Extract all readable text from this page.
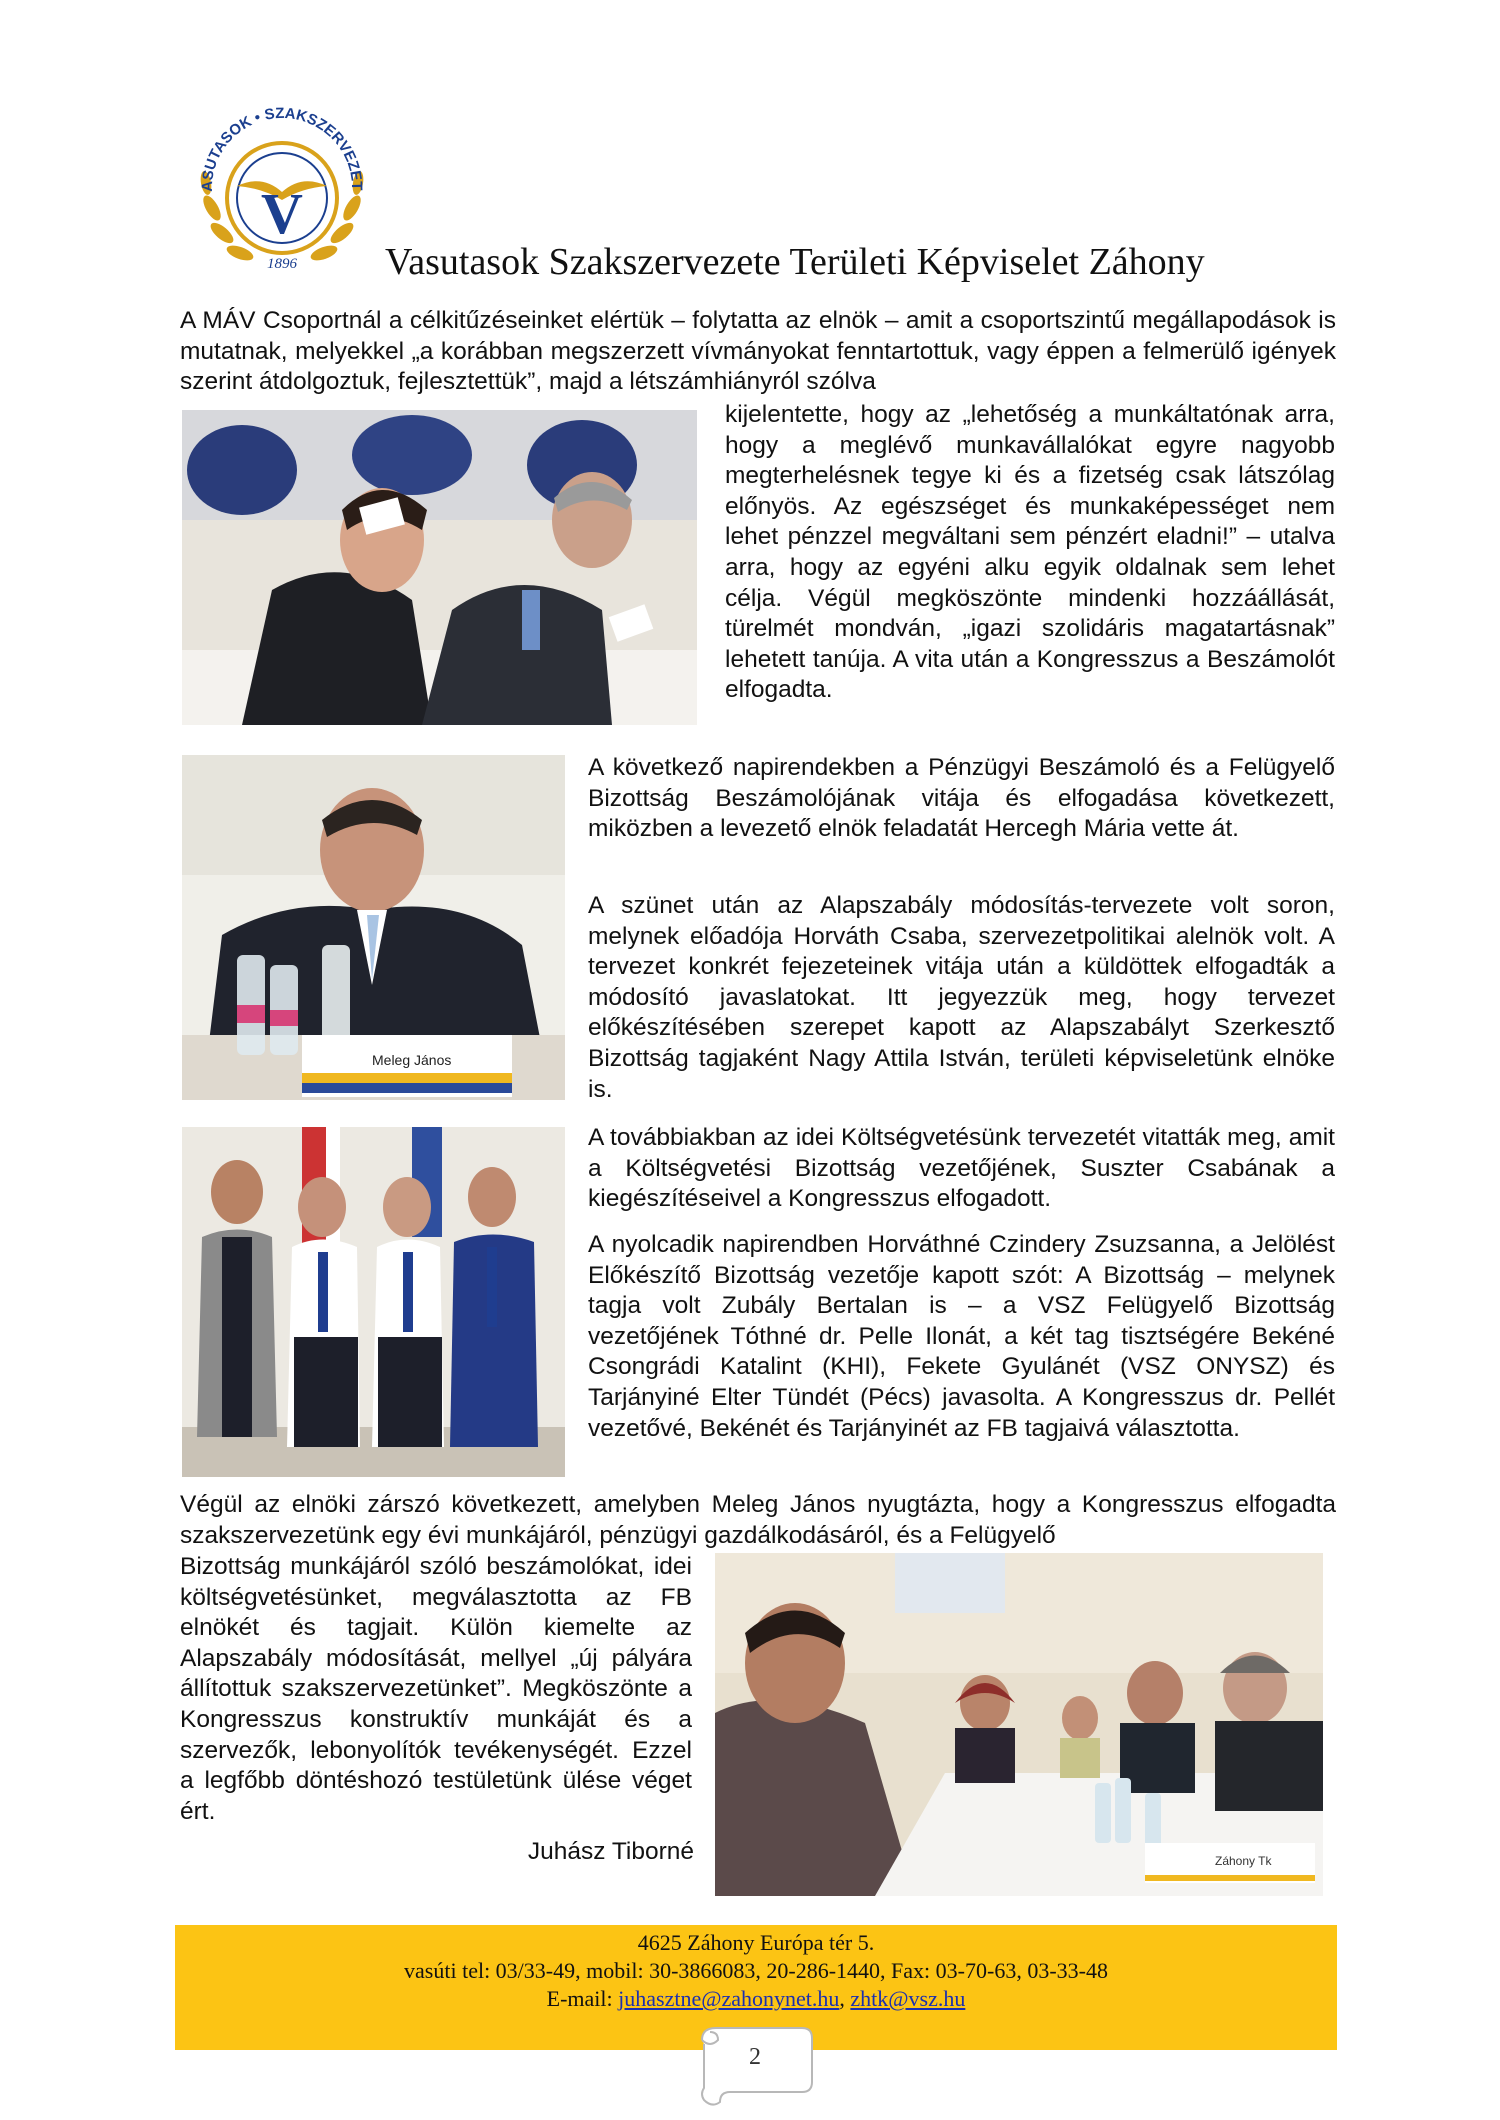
V
ASUTASOK • SZAKSZERVEZET
1896 Vasutasok Szakszervezete Területi Képviselet Záhony

A MÁV Csoportnál a célkitűzéseinket elértük – folytatta az elnök – amit a csoportszintű megállapodások is mutatnak, melyekkel „a korábban megszerzett vívmányokat fenntartottuk, vagy éppen a felmerülő igények szerint átdolgoztuk, fejlesztettük”, majd a létszámhiányról szólva

kijelentette, hogy az „lehetőség a munkáltatónak arra, hogy a meglévő munkavállalókat egyre nagyobb megterhelésnek tegye ki és a fizetség csak látszólag előnyös. Az egészséget és munkaképességet nem lehet pénzzel megváltani sem pénzért eladni!” – utalva arra, hogy az egyéni alku egyik oldalnak sem lehet célja. Végül megköszönte mindenki hozzáállását, türelmét mondván, „igazi szolidáris magatartásnak” lehetett tanúja. A vita után a Kongresszus a Beszámolót elfogadta.

Meleg János

A következő napirendekben a Pénzügyi Beszámoló és a Felügyelő Bizottság Beszámolójának vitája és elfogadása következett, miközben a levezető elnök feladatát Hercegh Mária vette át.

A szünet után az Alapszabály módosítás-tervezete volt soron, melynek előadója Horváth Csaba, szervezetpolitikai alelnök volt. A tervezet konkrét fejezeteinek vitája után a küldöttek elfogadták a módosító javaslatokat. Itt jegyezzük meg, hogy tervezet előkészítésében szerepet kapott az Alapszabályt Szerkesztő Bizottság tagjaként Nagy Attila István, területi képviseletünk elnöke is.

A továbbiakban az idei Költségvetésünk tervezetét vitatták meg, amit a Költségvetési Bizottság vezetőjének, Suszter Csabának a kiegészítéseivel a Kongresszus elfogadott.

A nyolcadik napirendben Horváthné Czindery Zsuzsanna, a Jelölést Előkészítő Bizottság vezetője kapott szót: A Bizottság – melynek tagja volt Zubály Bertalan is – a VSZ Felügyelő Bizottság vezetőjének Tóthné dr. Pelle Ilonát, a két tag tisztségére Bekéné Csongrádi Katalint (KHI), Fekete Gyulánét (VSZ ONYSZ) és Tarjányiné Elter Tündét (Pécs) javasolta. A Kongresszus dr. Pellét vezetővé, Bekénét és Tarjányinét az FB tagjaivá választotta.

Végül az elnöki zárszó következett, amelyben Meleg János nyugtázta, hogy a Kongresszus elfogadta szakszervezetünk egy évi munkájáról, pénzügyi gazdálkodásáról, és a Felügyelő

Bizottság munkájáról szóló beszámolókat, idei költségvetésünket, megválasztotta az FB elnökét és tagjait. Külön kiemelte az Alapszabály módosítását, mellyel „új pályára állítottuk szakszervezetünket”. Megköszönte a Kongresszus konstruktív munkáját és a szervezők, lebonyolítók tevékenységét. Ezzel a legfőbb döntéshozó testületünk ülése véget ért.

Juhász Tiborné	Záhony Tk
4625 Záhony Európa tér 5.
vasúti tel: 03/33-49, mobil: 30-3866083, 20-286-1440, Fax: 03-70-63, 03-33-48
E-mail: juhasztne@zahonynet.hu, zhtk@vsz.hu
2
